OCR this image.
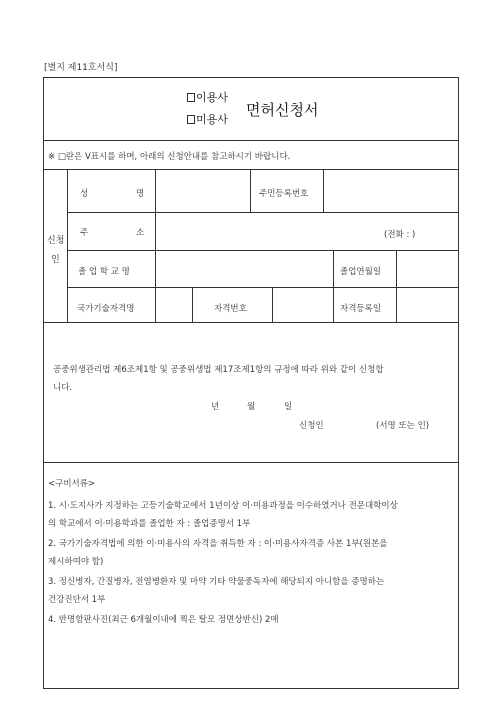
[별지 제11호서식]
이용사
미용사
면허신청서
※ □란은 V표시를 하며, 아래의 신청안내를 참고하시기 바랍니다.
신청
인
성	명	주민등록번호
주	소	(전화 : )
졸 업 학 교 명	졸업연월일
국가기술자격명	자격번호	자격등록일
공중위생관리법 제6조제1항 및 공중위생법 제17조제1항의 규정에 따라 위와 같이 신청합
니다.
년	월	일
신청인	(서명 또는 인)
<구비서류>
1. 시·도지사가 지정하는 고등기술학교에서 1년이상 이·미용과정을 이수하였거나 전문대학이상
의 학교에서 이·미용학과를 졸업한 자 : 졸업증명서 1부
2. 국가기술자격법에 의한 이·미용사의 자격을 취득한 자 : 이·미용사자격증 사본 1부(원본을
제시하여야 함)
3. 정신병자, 간질병자, 전염병환자 및 마약 기타 약물중독자에 해당되지 아니함을 증명하는
건강진단서 1부
4. 반명함판사진(최근 6개월이내에 찍은 탈모 정면상반신) 2매
